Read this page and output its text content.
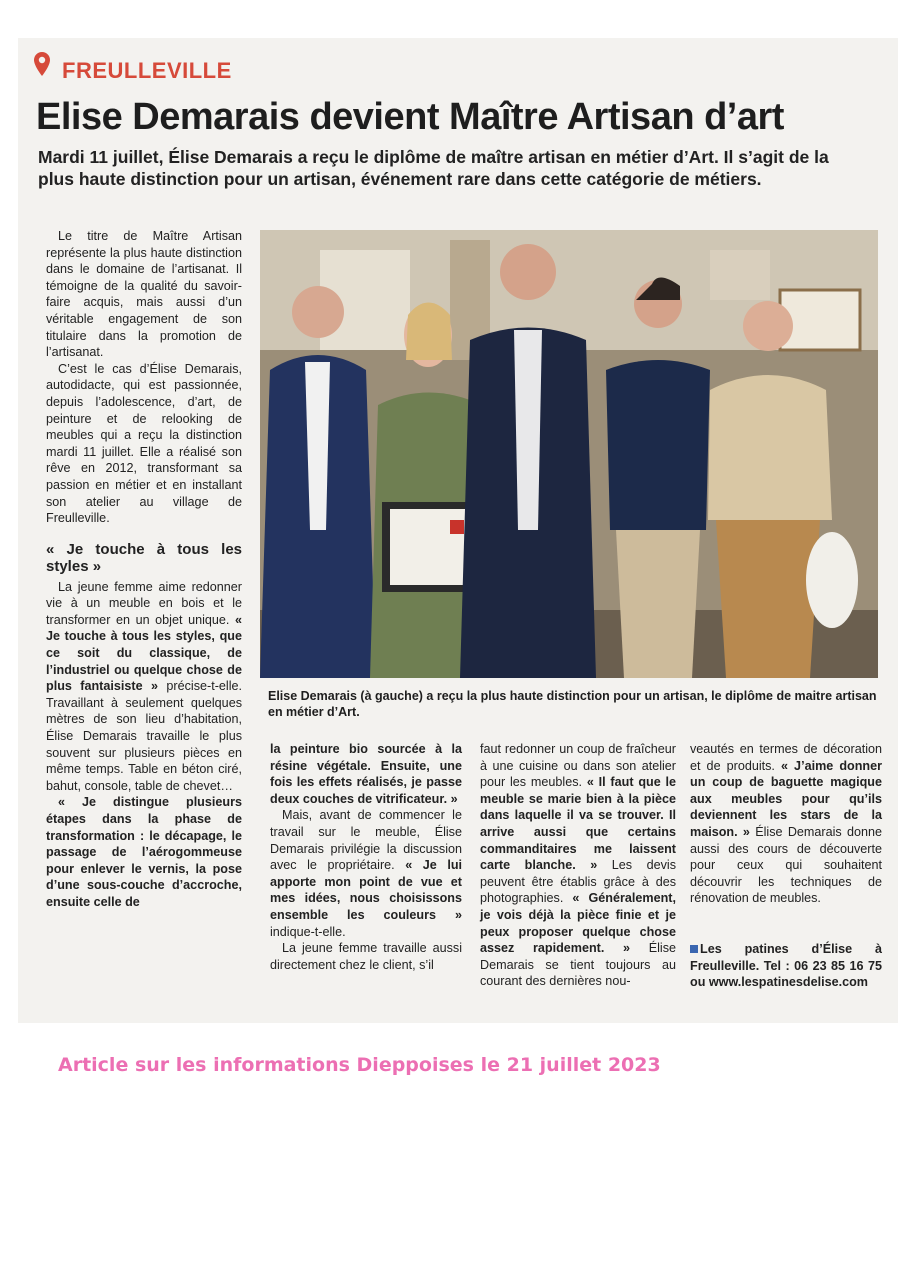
FREULLEVILLE
Elise Demarais devient Maître Artisan d’art
Mardi 11 juillet, Élise Demarais a reçu le diplôme de maître artisan en métier d’Art. Il s’agit de la plus haute distinction pour un artisan, événement rare dans cette catégorie de métiers.

Le titre de Maître Artisan représente la plus haute distinction dans le domaine de l’artisanat. Il témoigne de la qualité du savoir-faire acquis, mais aussi d’un véritable engagement de son titulaire dans la promotion de l’artisanat.

C’est le cas d’Élise Demarais, autodidacte, qui est passionnée, depuis l’adolescence, d’art, de peinture et de relooking de meubles qui a reçu la distinction mardi 11 juillet. Elle a réalisé son rêve en 2012, transformant sa passion en métier et en installant son atelier au village de Freulleville.

« Je touche à tous les styles »

La jeune femme aime redonner vie à un meuble en bois et le transformer en un objet unique. « Je touche à tous les styles, que ce soit du classique, de l’industriel ou quelque chose de plus fantaisiste » précise-t-elle. Travaillant à seulement quelques mètres de son lieu d’habitation, Élise Demarais travaille le plus souvent sur plusieurs pièces en même temps. Table en béton ciré, bahut, console, table de chevet…

« Je distingue plusieurs étapes dans la phase de transformation : le décapage, le passage de l’aérogommeuse pour enlever le vernis, la pose d’une sous-couche d’accroche, ensuite celle de

Elise Demarais (à gauche) a reçu la plus haute distinction pour un artisan, le diplôme de maitre artisan en métier d’Art.

la peinture bio sourcée à la résine végétale. Ensuite, une fois les effets réalisés, je passe deux couches de vitrificateur. »

Mais, avant de commencer le travail sur le meuble, Élise Demarais privilégie la discussion avec le propriétaire. « Je lui apporte mon point de vue et mes idées, nous choisissons ensemble les couleurs » indique-t-elle.

La jeune femme travaille aussi directement chez le client, s’il

faut redonner un coup de fraîcheur à une cuisine ou dans son atelier pour les meubles. « Il faut que le meuble se marie bien à la pièce dans laquelle il va se trouver. Il arrive aussi que certains commanditaires me laissent carte blanche. » Les devis peuvent être établis grâce à des photographies. « Généralement, je vois déjà la pièce finie et je peux proposer quelque chose assez rapidement. » Élise Demarais se tient toujours au courant des dernières nou-

veautés en termes de décoration et de produits. « J’aime donner un coup de baguette magique aux meubles pour qu’ils deviennent les stars de la maison. » Élise Demarais donne aussi des cours de découverte pour ceux qui souhaitent découvrir les techniques de rénovation de meubles.

Les patines d’Élise à Freulleville. Tel : 06 23 85 16 75 ou www.lespatinesdelise.com

Article sur les informations Dieppoises le 21 juillet 2023
